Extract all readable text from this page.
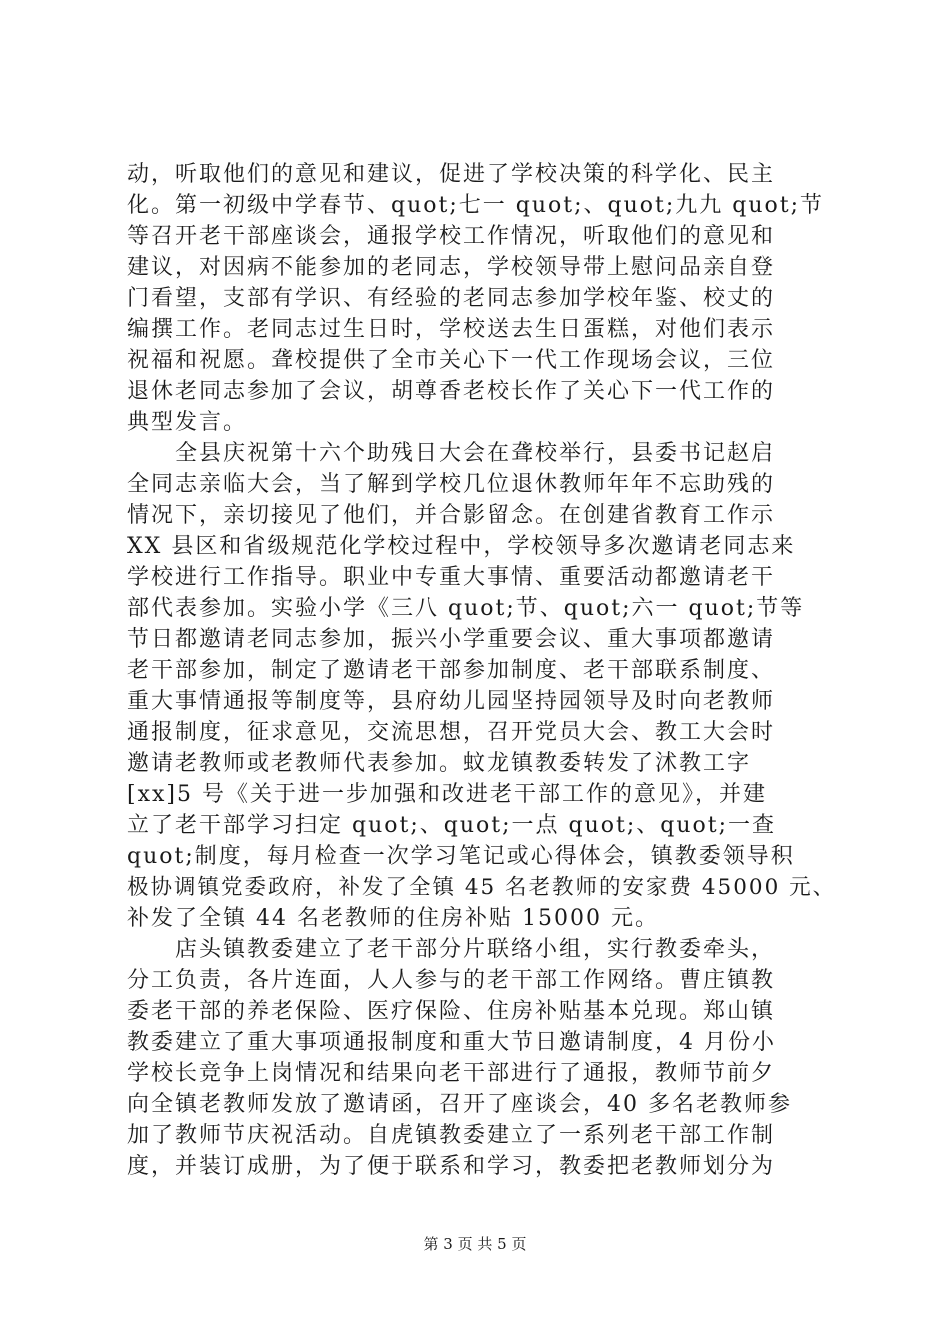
动，听取他们的意见和建议，促进了学校决策的科学化、民主
化。第一初级中学春节、quot;七一 quot;、quot;九九 quot;节
等召开老干部座谈会，通报学校工作情况，听取他们的意见和
建议，对因病不能参加的老同志，学校领导带上慰问品亲自登
门看望，支部有学识、有经验的老同志参加学校年鉴、校丈的
编撰工作。老同志过生日时，学校送去生日蛋糕，对他们表示
祝福和祝愿。聋校提供了全市关心下一代工作现场会议，三位
退休老同志参加了会议，胡尊香老校长作了关心下一代工作的
典型发言。
　　全县庆祝第十六个助残日大会在聋校举行，县委书记赵启
全同志亲临大会，当了解到学校几位退休教师年年不忘助残的
情况下，亲切接见了他们，并合影留念。在创建省教育工作示
XX 县区和省级规范化学校过程中，学校领导多次邀请老同志来
学校进行工作指导。职业中专重大事情、重要活动都邀请老干
部代表参加。实验小学《三八 quot;节、quot;六一 quot;节等
节日都邀请老同志参加，振兴小学重要会议、重大事项都邀请
老干部参加，制定了邀请老干部参加制度、老干部联系制度、
重大事情通报等制度等，县府幼儿园坚持园领导及时向老教师
通报制度，征求意见，交流思想，召开党员大会、教工大会时
邀请老教师或老教师代表参加。蚊龙镇教委转发了沭教工字
[xx]5 号《关于进一步加强和改进老干部工作的意见》，并建
立了老干部学习扫定 quot;、quot;一点 quot;、quot;一查
quot;制度，每月检查一次学习笔记或心得体会，镇教委领导积
极协调镇党委政府，补发了全镇 45 名老教师的安家费 45000 元、
补发了全镇 44 名老教师的住房补贴 15000 元。
　　店头镇教委建立了老干部分片联络小组，实行教委牵头，
分工负责，各片连面，人人参与的老干部工作网络。曹庄镇教
委老干部的养老保险、医疗保险、住房补贴基本兑现。郑山镇
教委建立了重大事项通报制度和重大节日邀请制度，4 月份小
学校长竞争上岗情况和结果向老干部进行了通报，教师节前夕
向全镇老教师发放了邀请函，召开了座谈会，40 多名老教师参
加了教师节庆祝活动。自虎镇教委建立了一系列老干部工作制
度，并装订成册，为了便于联系和学习，教委把老教师划分为
第 3 页 共 5 页
